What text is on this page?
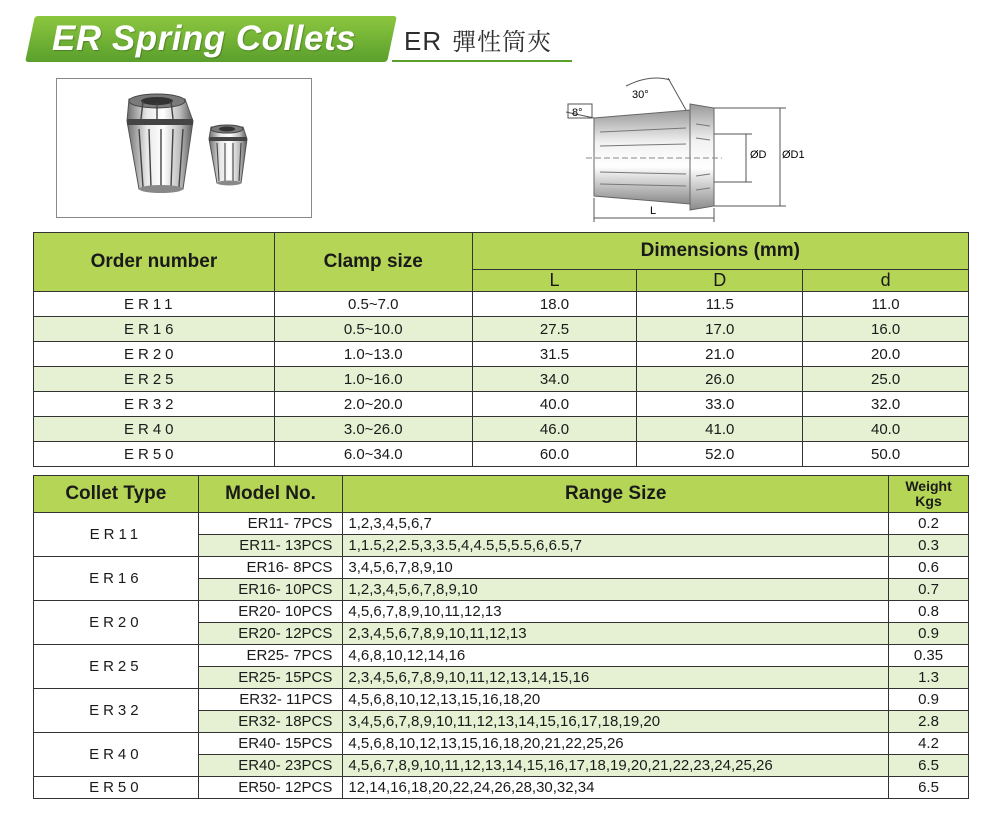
ER Spring Collets ER 彈性筒夾
30°
8°
ØD ØD1
L
Order number	Clamp size	Dimensions (mm)		
		L	D	d
ER11	0.5~7.0	18.0	11.5	11.0
ER16	0.5~10.0	27.5	17.0	16.0
ER20	1.0~13.0	31.5	21.0	20.0
ER25	1.0~16.0	34.0	26.0	25.0
ER32	2.0~20.0	40.0	33.0	32.0
ER40	3.0~26.0	46.0	41.0	40.0
ER50	6.0~34.0	60.0	52.0	50.0
Collet Type	Model No.	Range Size	Weight
Kgs
ER11	ER11- 7PCS	1,2,3,4,5,6,7	0.2
	ER11- 13PCS	1,1.5,2,2.5,3,3.5,4,4.5,5,5.5,6,6.5,7	0.3
ER16	ER16- 8PCS	3,4,5,6,7,8,9,10	0.6
	ER16- 10PCS	1,2,3,4,5,6,7,8,9,10	0.7
ER20	ER20- 10PCS	4,5,6,7,8,9,10,11,12,13	0.8
	ER20- 12PCS	2,3,4,5,6,7,8,9,10,11,12,13	0.9
ER25	ER25- 7PCS	4,6,8,10,12,14,16	0.35
	ER25- 15PCS	2,3,4,5,6,7,8,9,10,11,12,13,14,15,16	1.3
ER32	ER32- 11PCS	4,5,6,8,10,12,13,15,16,18,20	0.9
	ER32- 18PCS	3,4,5,6,7,8,9,10,11,12,13,14,15,16,17,18,19,20	2.8
ER40	ER40- 15PCS	4,5,6,8,10,12,13,15,16,18,20,21,22,25,26	4.2
	ER40- 23PCS	4,5,6,7,8,9,10,11,12,13,14,15,16,17,18,19,20,21,22,23,24,25,26	6.5
ER50	ER50- 12PCS	12,14,16,18,20,22,24,26,28,30,32,34	6.5
